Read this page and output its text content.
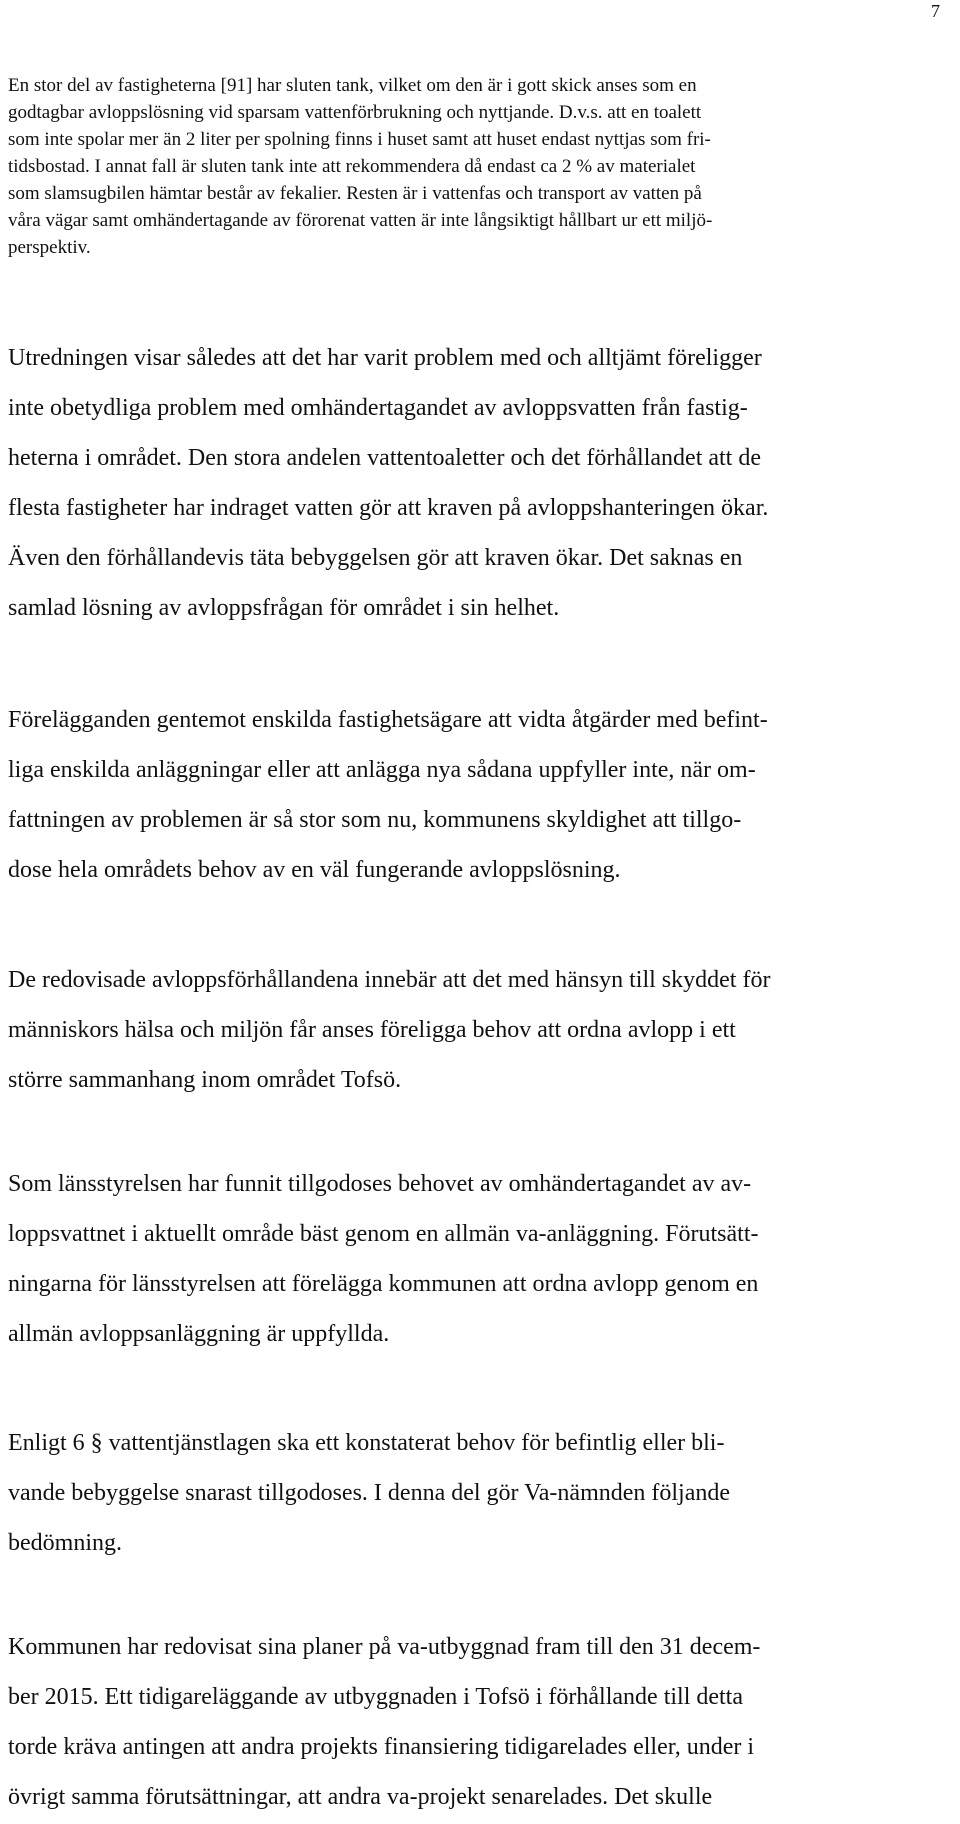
7
En stor del av fastigheterna [91] har sluten tank, vilket om den är i gott skick anses som en
godtagbar avloppslösning vid sparsam vattenförbrukning och nyttjande. D.v.s. att en toalett
som inte spolar mer än 2 liter per spolning finns i huset samt att huset endast nyttjas som fri-
tidsbostad. I annat fall är sluten tank inte att rekommendera då endast ca 2 % av materialet
som slamsugbilen hämtar består av fekalier. Resten är i vattenfas och transport av vatten på
våra vägar samt omhändertagande av förorenat vatten är inte långsiktigt hållbart ur ett miljö-
perspektiv.
Utredningen visar således att det har varit problem med och alltjämt föreligger
inte obetydliga problem med omhändertagandet av avloppsvatten från fastig-
heterna i området. Den stora andelen vattentoaletter och det förhållandet att de
flesta fastigheter har indraget vatten gör att kraven på avloppshanteringen ökar.
Även den förhållandevis täta bebyggelsen gör att kraven ökar. Det saknas en
samlad lösning av avloppsfrågan för området i sin helhet.
Förelägganden gentemot enskilda fastighetsägare att vidta åtgärder med befint-
liga enskilda anläggningar eller att anlägga nya sådana uppfyller inte, när om-
fattningen av problemen är så stor som nu, kommunens skyldighet att tillgo-
dose hela områdets behov av en väl fungerande avloppslösning.
De redovisade avloppsförhållandena innebär att det med hänsyn till skyddet för
människors hälsa och miljön får anses föreligga behov att ordna avlopp i ett
större sammanhang inom området Tofsö.
Som länsstyrelsen har funnit tillgodoses behovet av omhändertagandet av av-
loppsvattnet i aktuellt område bäst genom en allmän va-anläggning. Förutsätt-
ningarna för länsstyrelsen att förelägga kommunen att ordna avlopp genom en
allmän avloppsanläggning är uppfyllda.
Enligt 6 § vattentjänstlagen ska ett konstaterat behov för befintlig eller bli-
vande bebyggelse snarast tillgodoses. I denna del gör Va-nämnden följande
bedömning.
Kommunen har redovisat sina planer på va-utbyggnad fram till den 31 decem-
ber 2015. Ett tidigareläggande av utbyggnaden i Tofsö i förhållande till detta
torde kräva antingen att andra projekts finansiering tidigarelades eller, under i
övrigt samma förutsättningar, att andra va-projekt senarelades. Det skulle
